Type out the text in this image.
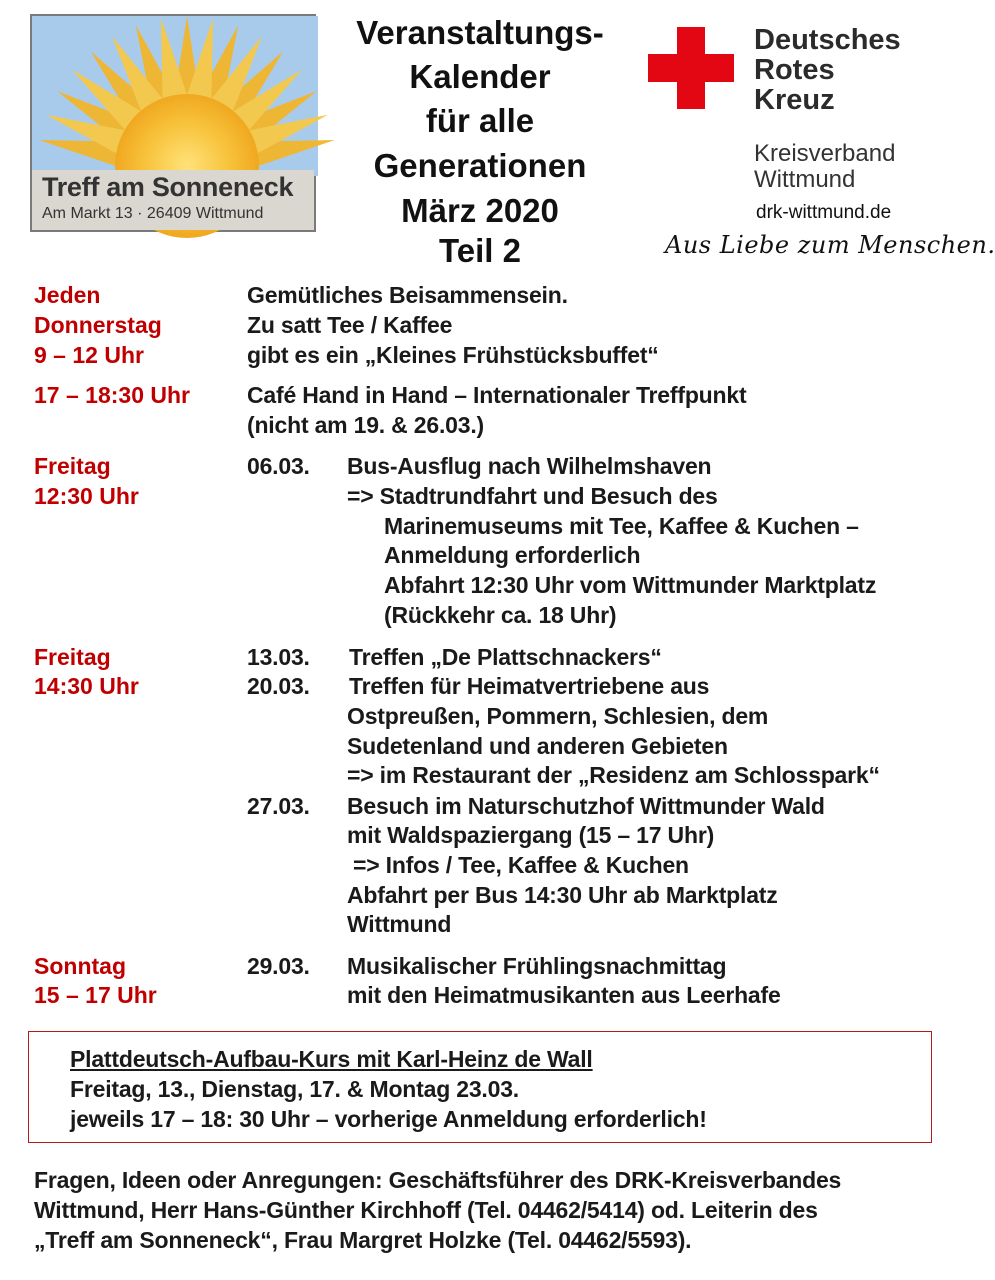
Treff am Sonneneck
Am Markt 13 · 26409 Wittmund
Veranstaltungs-
Kalender
für alle
Generationen
März 2020
Teil 2
Deutsches
Rotes
Kreuz
Kreisverband
Wittmund
drk-wittmund.de
Aus Liebe zum Menschen.
Jeden
Donnerstag
9 – 12 Uhr
Gemütliches Beisammensein.
Zu satt Tee / Kaffee
gibt es ein „Kleines Frühstücksbuffet“
17 – 18:30 Uhr Café Hand in Hand – Internationaler Treffpunkt
(nicht am 19. & 26.03.)
Freitag
12:30 Uhr
06.03. Bus-Ausflug nach Wilhelmshaven
=> Stadtrundfahrt und Besuch des
Marinemuseums mit Tee, Kaffee & Kuchen –
Anmeldung erforderlich
Abfahrt 12:30 Uhr vom Wittmunder Marktplatz
(Rückkehr ca. 18 Uhr)
Freitag
14:30 Uhr
13.03. Treffen „De Plattschnackers“
20.03. Treffen für Heimatvertriebene aus
Ostpreußen, Pommern, Schlesien, dem
Sudetenland und anderen Gebieten
=> im Restaurant der „Residenz am Schlosspark“
27.03. Besuch im Naturschutzhof Wittmunder Wald
mit Waldspaziergang (15 – 17 Uhr)
=> Infos / Tee, Kaffee & Kuchen
Abfahrt per Bus 14:30 Uhr ab Marktplatz
Wittmund
Sonntag
15 – 17 Uhr
29.03. Musikalischer Frühlingsnachmittag
mit den Heimatmusikanten aus Leerhafe
Plattdeutsch-Aufbau-Kurs mit Karl-Heinz de Wall
Freitag, 13., Dienstag, 17. & Montag 23.03.
jeweils 17 – 18: 30 Uhr – vorherige Anmeldung erforderlich!
Fragen, Ideen oder Anregungen: Geschäftsführer des DRK-Kreisverbandes
Wittmund, Herr Hans-Günther Kirchhoff (Tel. 04462/5414) od. Leiterin des
„Treff am Sonneneck“, Frau Margret Holzke (Tel. 04462/5593).
